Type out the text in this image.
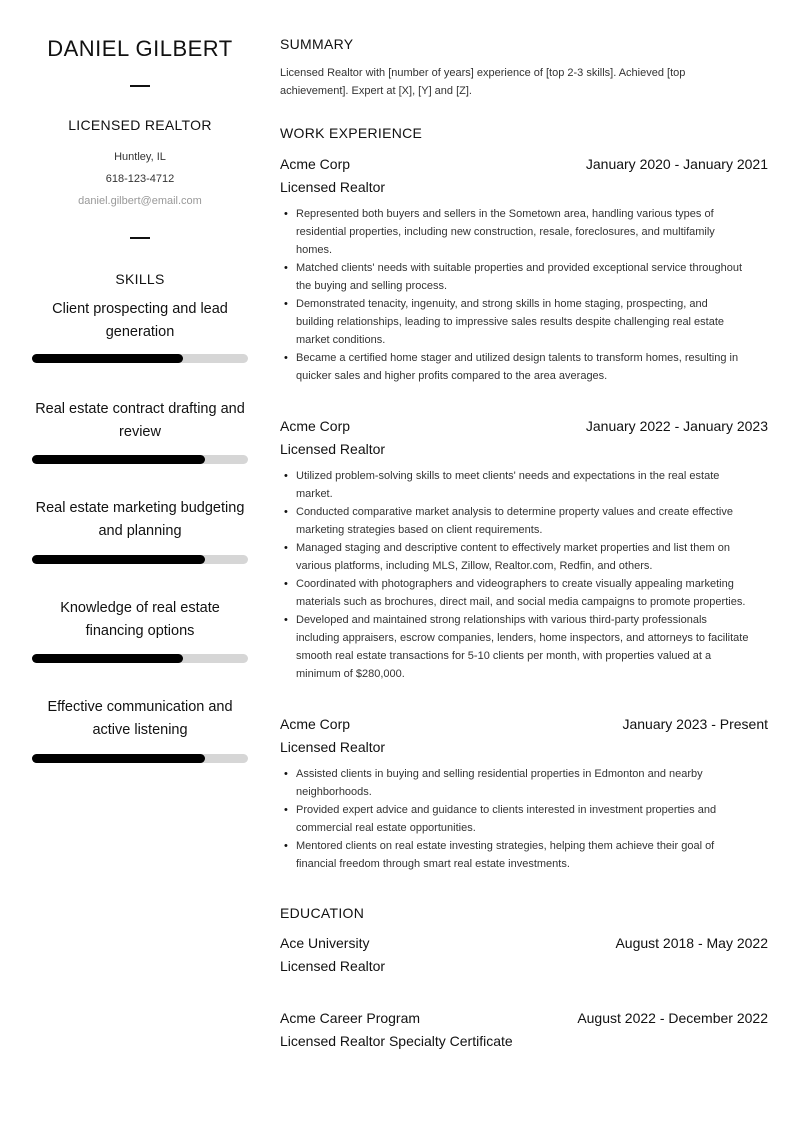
DANIEL GILBERT
LICENSED REALTOR
Huntley, IL
618-123-4712
daniel.gilbert@email.com
SKILLS
Client prospecting and lead
generation
Real estate contract drafting and
review
Real estate marketing budgeting
and planning
Knowledge of real estate
financing options
Effective communication and
active listening
SUMMARY
Licensed Realtor with [number of years] experience of [top 2-3 skills]. Achieved [top
achievement]. Expert at [X], [Y] and [Z].
WORK EXPERIENCE
Acme Corp	January 2020 - January 2021
Licensed Realtor
• Represented both buyers and sellers in the Sometown area, handling various types of
residential properties, including new construction, resale, foreclosures, and multifamily
homes.
• Matched clients' needs with suitable properties and provided exceptional service throughout
the buying and selling process.
• Demonstrated tenacity, ingenuity, and strong skills in home staging, prospecting, and
building relationships, leading to impressive sales results despite challenging real estate
market conditions.
• Became a certified home stager and utilized design talents to transform homes, resulting in
quicker sales and higher profits compared to the area averages.
Acme Corp	January 2022 - January 2023
Licensed Realtor
• Utilized problem-solving skills to meet clients' needs and expectations in the real estate
market.
• Conducted comparative market analysis to determine property values and create effective
marketing strategies based on client requirements.
• Managed staging and descriptive content to effectively market properties and list them on
various platforms, including MLS, Zillow, Realtor.com, Redfin, and others.
• Coordinated with photographers and videographers to create visually appealing marketing
materials such as brochures, direct mail, and social media campaigns to promote properties.
• Developed and maintained strong relationships with various third-party professionals
including appraisers, escrow companies, lenders, home inspectors, and attorneys to facilitate
smooth real estate transactions for 5-10 clients per month, with properties valued at a
minimum of $280,000.
Acme Corp	January 2023 - Present
Licensed Realtor
• Assisted clients in buying and selling residential properties in Edmonton and nearby
neighborhoods.
• Provided expert advice and guidance to clients interested in investment properties and
commercial real estate opportunities.
• Mentored clients on real estate investing strategies, helping them achieve their goal of
financial freedom through smart real estate investments.
EDUCATION
Ace University	August 2018 - May 2022
Licensed Realtor
Acme Career Program	August 2022 - December 2022
Licensed Realtor Specialty Certificate
